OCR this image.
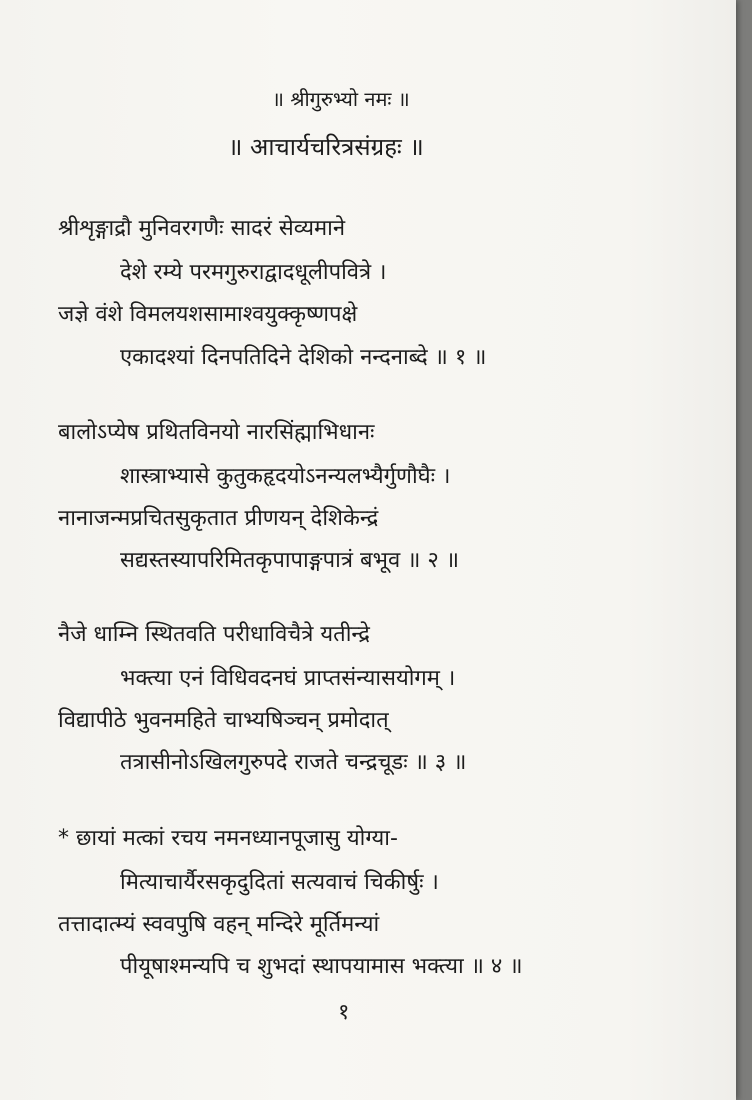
॥ श्रीगुरुभ्यो नमः ॥
॥ आचार्यचरित्रसंग्रहः ॥
श्रीशृङ्गाद्रौ मुनिवरगणैः सादरं सेव्यमाने
देशे रम्ये परमगुरुराद्वादधूलीपवित्रे ।
जज्ञे वंशे विमलयशसामाश्वयुक्कृष्णपक्षे
एकादश्यां दिनपतिदिने देशिको नन्दनाब्दे ॥ १ ॥
बालोऽप्येष प्रथितविनयो नारसिंह्माभिधानः
शास्त्राभ्यासे कुतुकहृदयोऽनन्यलभ्यैर्गुणौघैः ।
नानाजन्मप्रचितसुकृतात प्रीणयन् देशिकेन्द्रं
सद्यस्तस्यापरिमितकृपापाङ्गपात्रं बभूव ॥ २ ॥
नैजे धाम्नि स्थितवति परीधाविचैत्रे यतीन्द्रे
भक्त्या एनं विधिवदनघं प्राप्तसंन्यासयोगम् ।
विद्यापीठे भुवनमहिते चाभ्यषिञ्चन् प्रमोदात्
तत्रासीनोऽखिलगुरुपदे राजते चन्द्रचूडः ॥ ३ ॥
* छायां मत्कां रचय नमनध्यानपूजासु योग्या-
मित्याचार्यैरसकृदुदितां सत्यवाचं चिकीर्षुः ।
तत्तादात्म्यं स्ववपुषि वहन् मन्दिरे मूर्तिमन्यां
पीयूषाश्मन्यपि च शुभदां स्थापयामास भक्त्या ॥ ४ ॥
१
